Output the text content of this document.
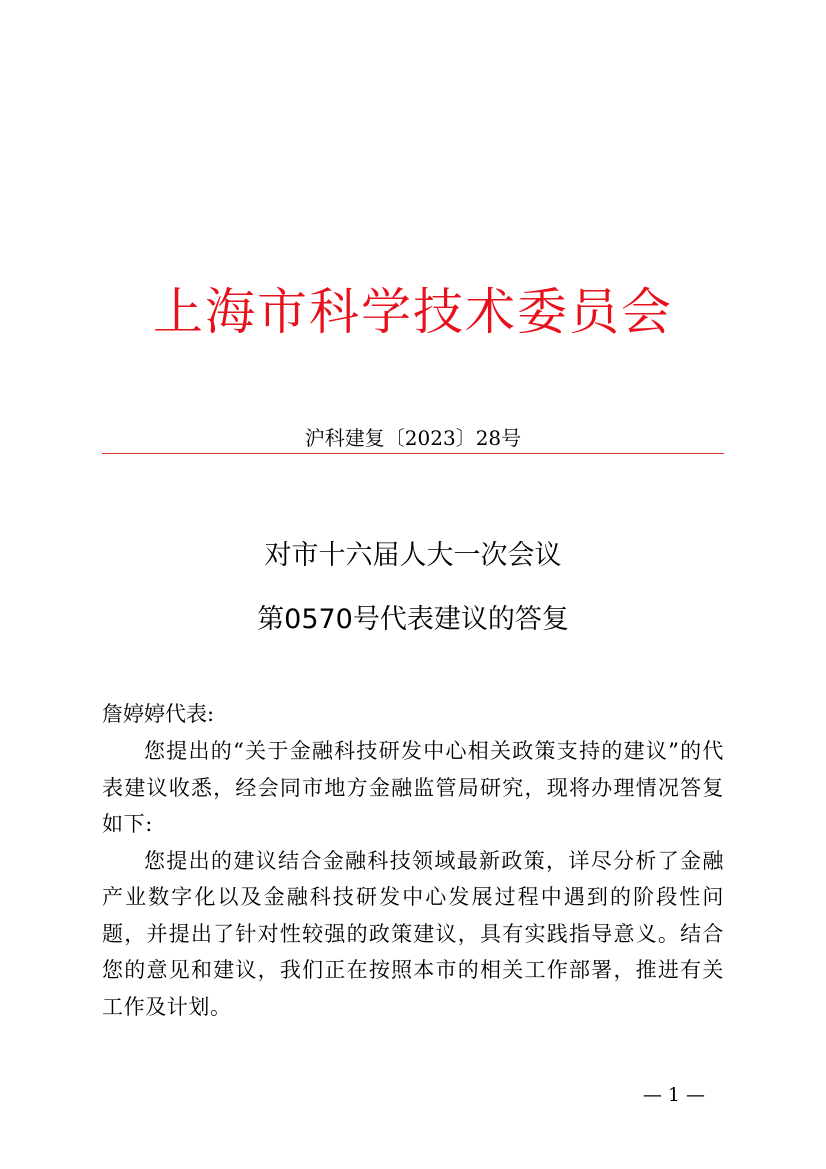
上海市科学技术委员会
沪科建复〔2023〕28号
对市十六届人大一次会议
第0570号代表建议的答复
詹婷婷代表:

您提出的“关于金融科技研发中心相关政策支持的建议”的代表建议收悉，经会同市地方金融监管局研究，现将办理情况答复如下:

您提出的建议结合金融科技领域最新政策，详尽分析了金融产业数字化以及金融科技研发中心发展过程中遇到的阶段性问题，并提出了针对性较强的政策建议，具有实践指导意义。结合您的意见和建议，我们正在按照本市的相关工作部署，推进有关工作及计划。

— 1 —
